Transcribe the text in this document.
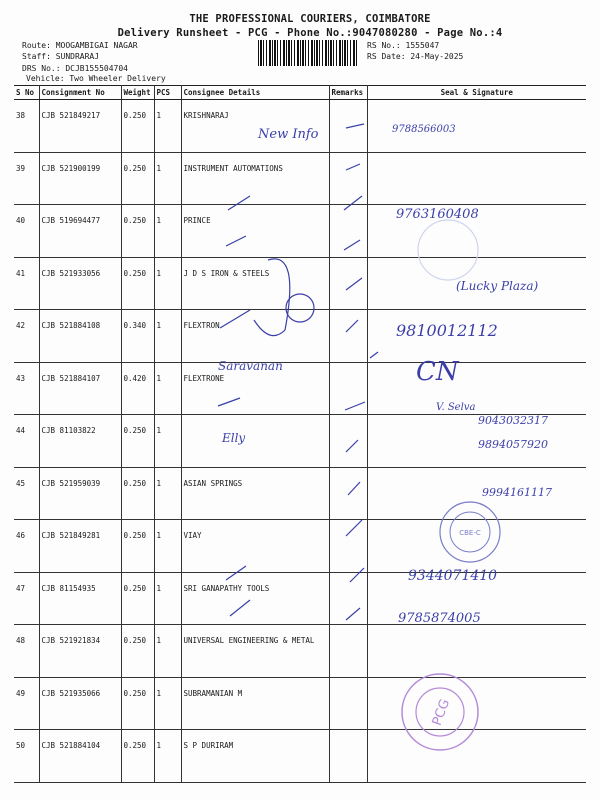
THE PROFESSIONAL COURIERS, COIMBATORE
Delivery Runsheet - PCG - Phone No.:9047080280 - Page No.:4
Route: MOOGAMBIGAI NAGAR
Staff: SUNDRARAJ
DRS No.: DCJB155504704
Vehicle: Two Wheeler Delivery
RS No.: 1555047
RS Date: 24-May-2025
S No	Consignment No	Weight	PCS	Consignee Details	Remarks	Seal & Signature
38	CJB 521849217	0.250	1	KRISHNARAJ		
39	CJB 521900199	0.250	1	INSTRUMENT AUTOMATIONS		
40	CJB 519694477	0.250	1	PRINCE		
41	CJB 521933056	0.250	1	J D S IRON & STEELS		
42	CJB 521884108	0.340	1	FLEXTRON		
43	CJB 521884107	0.420	1	FLEXTRONE		
44	CJB 81103822	0.250	1			
45	CJB 521959039	0.250	1	ASIAN SPRINGS		
46	CJB 521849281	0.250	1	VIAY		
47	CJB 81154935	0.250	1	SRI GANAPATHY TOOLS		
48	CJB 521921834	0.250	1	UNIVERSAL ENGINEERING & METAL		
49	CJB 521935066	0.250	1	SUBRAMANIAN M		
50	CJB 521884104	0.250	1	S P DURIRAM		
New Info
Saravanan
Elly
9788566003
9763160408
(Lucky Plaza)
9810012112
CN
V. Selva
9043032317
9894057920
9994161117
9344071410
9785874005
CBE-C
PCG
